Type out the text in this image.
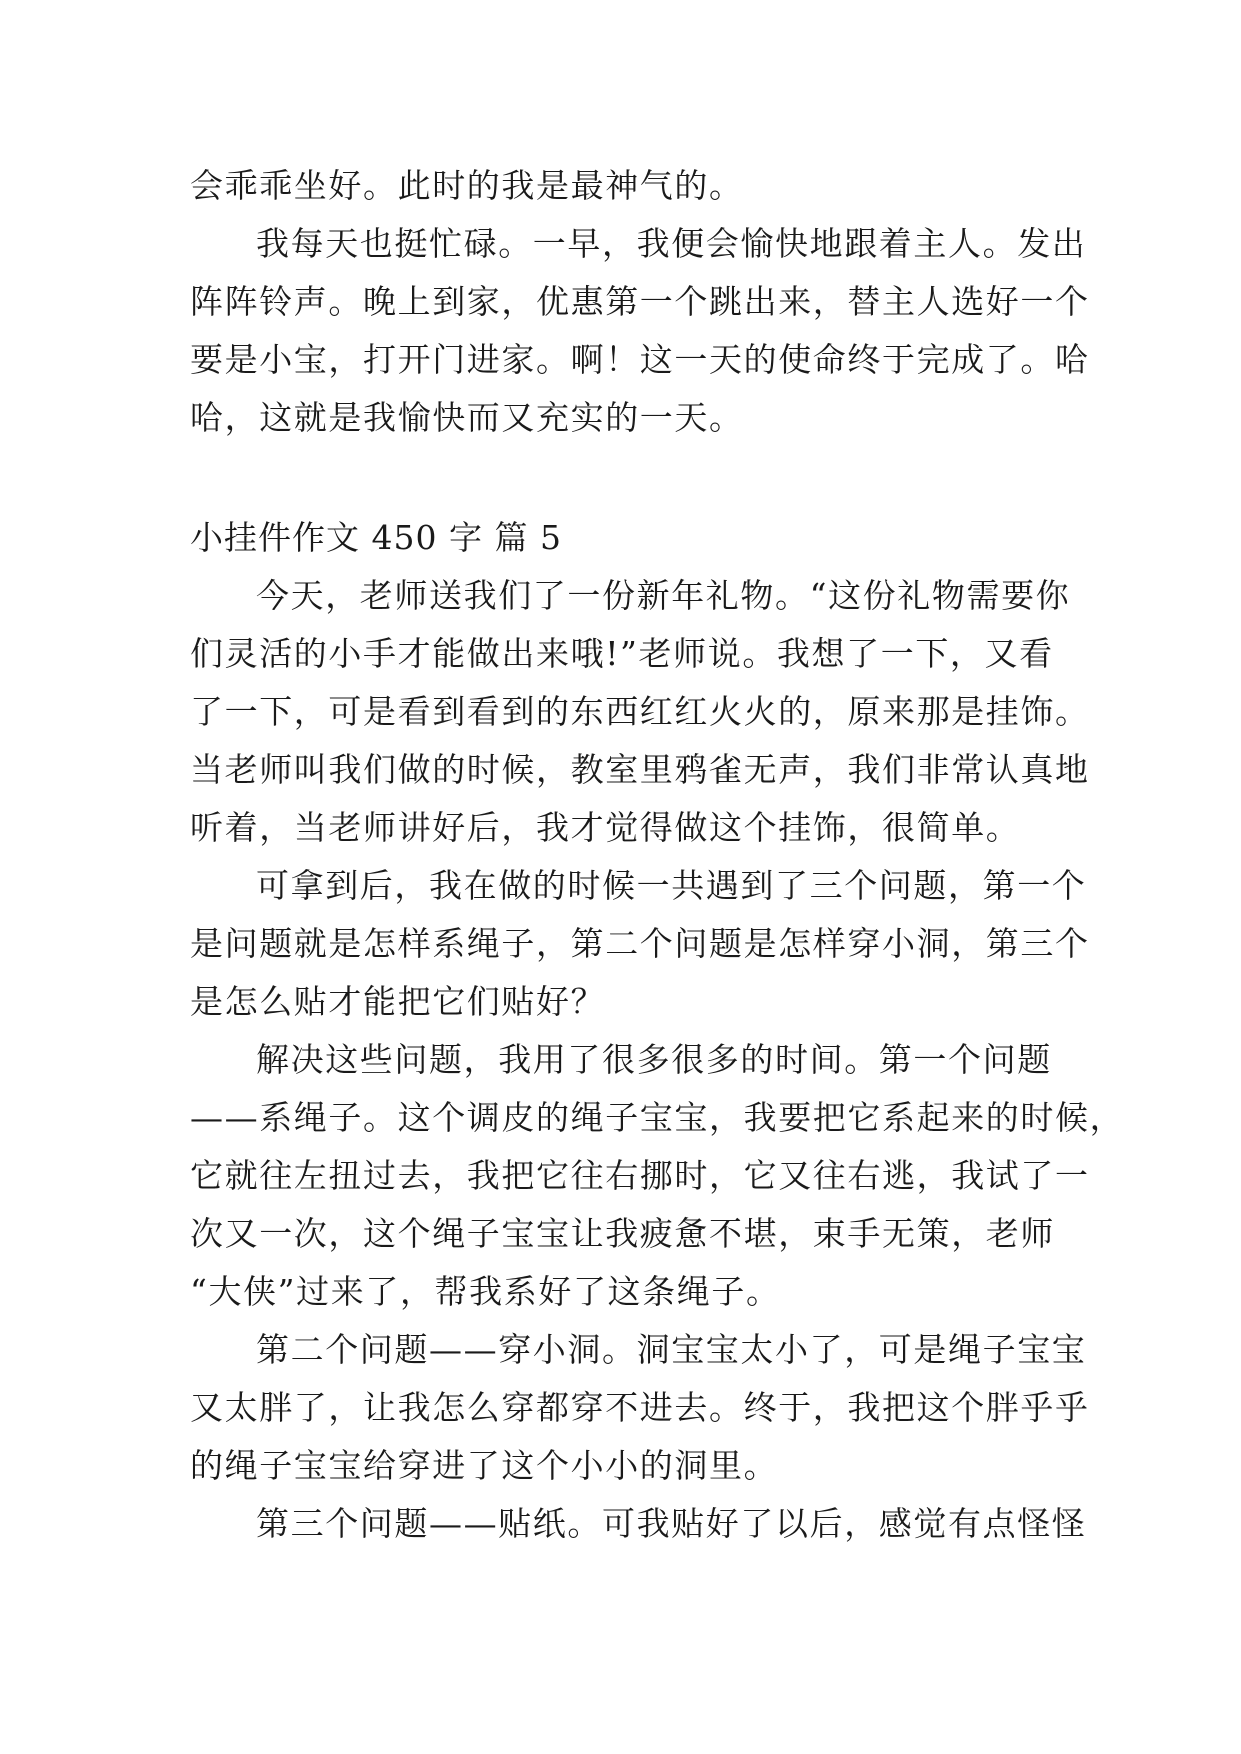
会乖乖坐好。此时的我是最神气的。
我每天也挺忙碌。一早，我便会愉快地跟着主人。发出
阵阵铃声。晚上到家，优惠第一个跳出来，替主人选好一个
要是小宝，打开门进家。啊！这一天的使命终于完成了。哈
哈，这就是我愉快而又充实的一天。
小挂件作文 450 字 篇 5
今天，老师送我们了一份新年礼物。“这份礼物需要你
们灵活的小手才能做出来哦!”老师说。我想了一下，又看
了一下，可是看到看到的东西红红火火的，原来那是挂饰。
当老师叫我们做的时候，教室里鸦雀无声，我们非常认真地
听着，当老师讲好后，我才觉得做这个挂饰，很简单。
可拿到后，我在做的时候一共遇到了三个问题，第一个
是问题就是怎样系绳子，第二个问题是怎样穿小洞，第三个
是怎么贴才能把它们贴好？
解决这些问题，我用了很多很多的时间。第一个问题
——系绳子。这个调皮的绳子宝宝，我要把它系起来的时候，
它就往左扭过去，我把它往右挪时，它又往右逃，我试了一
次又一次，这个绳子宝宝让我疲惫不堪，束手无策，老师
“大侠”过来了，帮我系好了这条绳子。
第二个问题——穿小洞。洞宝宝太小了，可是绳子宝宝
又太胖了，让我怎么穿都穿不进去。终于，我把这个胖乎乎
的绳子宝宝给穿进了这个小小的洞里。
第三个问题——贴纸。可我贴好了以后，感觉有点怪怪
